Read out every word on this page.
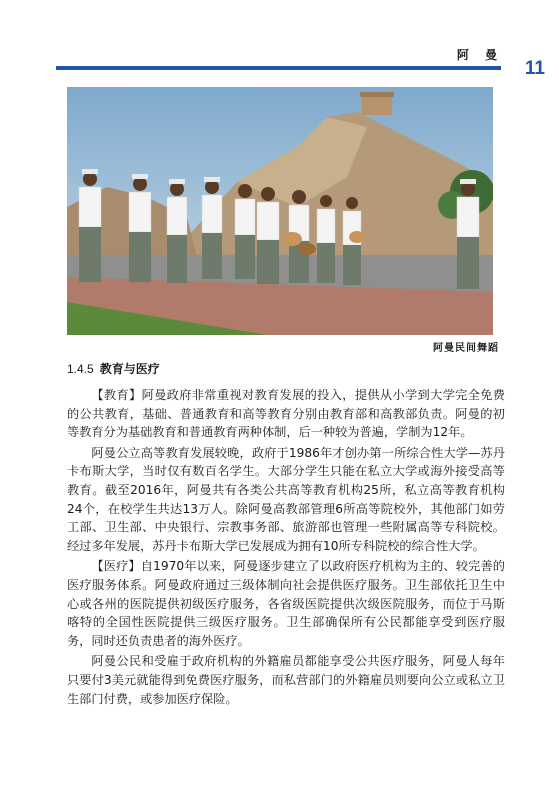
阿 曼
11
阿曼民间舞蹈
1.4.5 教育与医疗

【教育】阿曼政府非常重视对教育发展的投入，提供从小学到大学完全免费的公共教育，基础、普通教育和高等教育分别由教育部和高教部负责。阿曼的初等教育分为基础教育和普通教育两种体制，后一种较为普遍，学制为12年。

阿曼公立高等教育发展较晚，政府于1986年才创办第一所综合性大学—苏丹卡布斯大学，当时仅有数百名学生。大部分学生只能在私立大学或海外接受高等教育。截至2016年，阿曼共有各类公共高等教育机构25所，私立高等教育机构24个，在校学生共达13万人。除阿曼高教部管理6所高等院校外，其他部门如劳工部、卫生部、中央银行、宗教事务部、旅游部也管理一些附属高等专科院校。经过多年发展，苏丹卡布斯大学已发展成为拥有10所专科院校的综合性大学。

【医疗】自1970年以来，阿曼逐步建立了以政府医疗机构为主的、较完善的医疗服务体系。阿曼政府通过三级体制向社会提供医疗服务。卫生部依托卫生中心或各州的医院提供初级医疗服务，各省级医院提供次级医院服务，而位于马斯喀特的全国性医院提供三级医疗服务。卫生部确保所有公民都能享受到医疗服务，同时还负责患者的海外医疗。

阿曼公民和受雇于政府机构的外籍雇员都能享受公共医疗服务，阿曼人每年只要付3美元就能得到免费医疗服务，而私营部门的外籍雇员则要向公立或私立卫生部门付费，或参加医疗保险。
